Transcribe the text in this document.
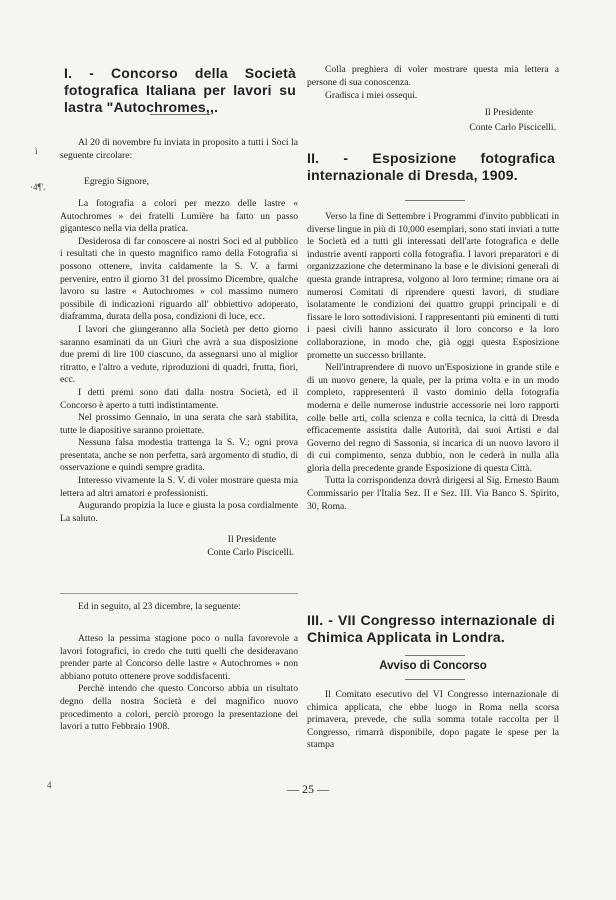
ì
·4¶'.
4
I. - Concorso della Società fotografica Italiana per lavori su lastra "Autochromes,,.

Al 20 di novembre fu inviata in proposito a tutti i Soci la seguente circolare:

Egregio Signore,

La fotografia a colori per mezzo delle lastre « Autochromes » dei fratelli Lumière ha fatto un passo gigantesco nella via della pratica.

Desiderosa di far conoscere ai nostri Soci ed al pubblico i resultati che in questo magnifico ramo della Fotografia si possono ottenere, invita caldamente la S. V. a farmi pervenire, entro il giorno 31 del prossimo Dicembre, qualche lavoro su lastre « Autochromes » col massimo numero possibile di indicazioni riguardo all' obbiettivo adoperato, diaframma, durata della posa, condizioni di luce, ecc.

I lavori che giungeranno alla Società per detto giorno saranno esaminati da un Giurì che avrà a sua disposizione due premi di lire 100 ciascuno, da assegnarsi uno al miglior ritratto, e l'altro a vedute, riproduzioni di quadri, frutta, fiori, ecc.

I detti premi sono dati dalla nostra Società, ed il Concorso è aperto a tutti indistintamente.

Nel prossimo Gennaio, in una serata che sarà stabilita, tutte le diapositive saranno proiettate.

Nessuna falsa modestia trattenga la S. V.; ogni prova presentata, anche se non perfetta, sarà argomento di studio, di osservazione e quindi sempre gradita.

Interesso vivamente la S. V. di voler mostrare questa mia lettera ad altri amatori e professionisti.

Augurando propizia la luce e giusta la posa cordialmente La saluto.

Il Presidente
Conte Carlo Piscicelli.

Ed in seguito, al 23 dicembre, la seguente:

Atteso la pessima stagione poco o nulla favorevole a lavori fotografici, io credo che tutti quelli che desideravano prender parte al Concorso delle lastre « Autochromes » non abbiano potuto ottenere prove soddisfacenti.

Perchè intendo che questo Concorso abbia un risultato degno della nostra Società e del magnifico nuovo procedimento a colori, perciò prorogo la presentazione dei lavori a tutto Febbraio 1908.

Colla preghiera di voler mostrare questa mia lettera a persone di sua conoscenza.

Gradisca i miei ossequi.

Il Presidente
Conte Carlo Piscicelli.
II. - Esposizione fotografica internazionale di Dresda, 1909.

Verso la fine di Settembre i Programmi d'invito pubblicati in diverse lingue in più di 10,000 esemplari, sono stati inviati a tutte le Società ed a tutti gli interessati dell'arte fotografica e delle industrie aventi rapporti colla fotografia. I lavori preparatori e di organizzazione che determinano la base e le divisioni generali di questa grande intrapresa, volgono al loro termine; rimane ora ai numerosi Comitati di riprendere questi lavori, di studiare isolatamente le condizioni dei quattro gruppi principali e di fissare le loro sottodivisioni. I rappresentanti più eminenti di tutti i paesi civili hanno assicurato il loro concorso e la loro collaborazione, in modo che, già oggi questa Esposizione promette un successo brillante.

Nell'intraprendere di nuovo un'Esposizione in grande stile e di un nuovo genere, la quale, per la prima volta e in un modo completo, rappresenterà il vasto dominio della fotografia moderna e delle numerose industrie accessorie nei loro rapporti colle belle arti, colla scienza e colla tecnica, la città di Dresda efficacemente assistita dalle Autorità, dai suoi Artisti e dal Governo del regno di Sassonia, si incarica di un nuovo lavoro il di cui compimento, senza dubbio, non le cederà in nulla alla gloria della precedente grande Esposizione di questa Città.

Tutta la corrispondenza dovrà dirigersi al Sig. Ernesto Baum Commissario per l'Italia Sez. II e Sez. III. Via Banco S. Spirito, 30, Roma.

III. - VII Congresso internazionale di Chimica Applicata in Londra.
Avviso di Concorso

Il Comitato esecutivo del VI Congresso internazionale di chimica applicata, che ebbe luogo in Roma nella scorsa primavera, prevede, che sulla somma totale raccolta per il Congresso, rimarrà disponibile, dopo pagate le spese per la stampa

— 25 —
